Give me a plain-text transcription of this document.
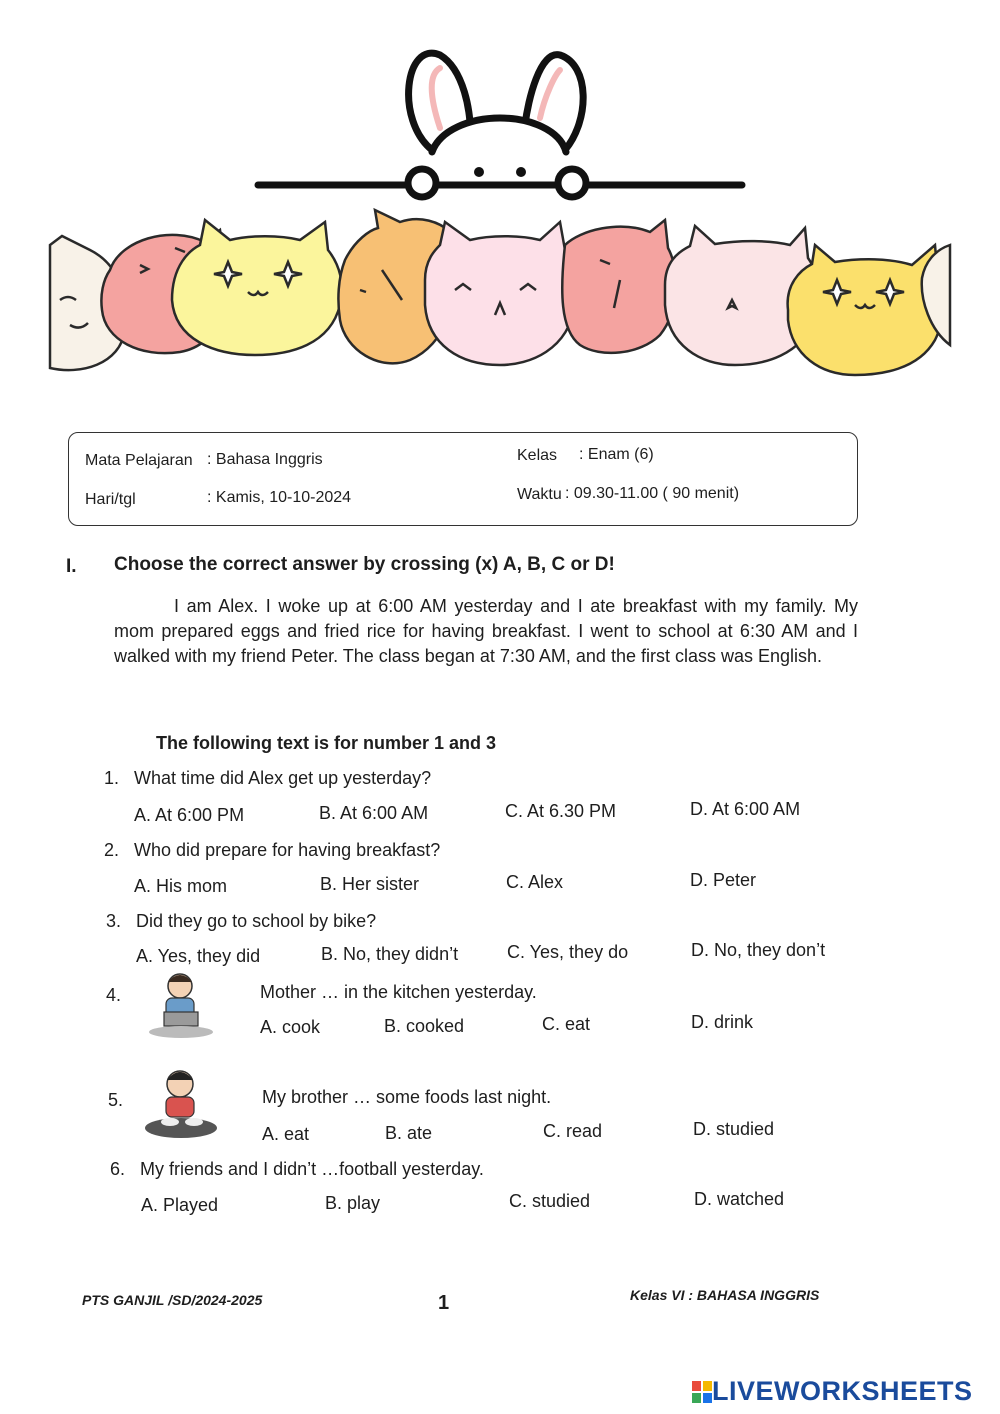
Mata Pelajaran : Bahasa Inggris
Hari/tgl	: Kamis, 10-10-2024
Kelas : Enam (6)
Waktu : 09.30-11.00 ( 90 menit)
I. Choose the correct answer by crossing (x) A, B, C or D!

I am Alex. I woke up at 6:00 AM yesterday and I ate breakfast with my family. My mom prepared eggs and fried rice for having breakfast. I went to school at 6:30 AM and I walked with my friend Peter. The class began at 7:30 AM, and the first class was English.

The following text is for number 1 and 3
1. What time did Alex get up yesterday?
A. At 6:00 PM	B. At 6:00 AM	C. At 6.30 PM	D. At 6:00 AM
2. Who did prepare for having breakfast?
A. His mom	B. Her sister	C. Alex	D. Peter
3. Did they go to school by bike?
A. Yes, they did	B. No, they didn’t	C. Yes, they do	D. No, they don’t
4.	Mother … in the kitchen yesterday.
A. cook	B. cooked	C. eat	D. drink
5.	My brother … some foods last night.
A. eat	B. ate	C. read	D. studied
6. My friends and I didn’t …football yesterday.
A. Played	B. play	C. studied	D. watched
PTS GANJIL /SD/2024-2025	1	Kelas VI : BAHASA INGGRIS
LIVEWORKSHEETS
